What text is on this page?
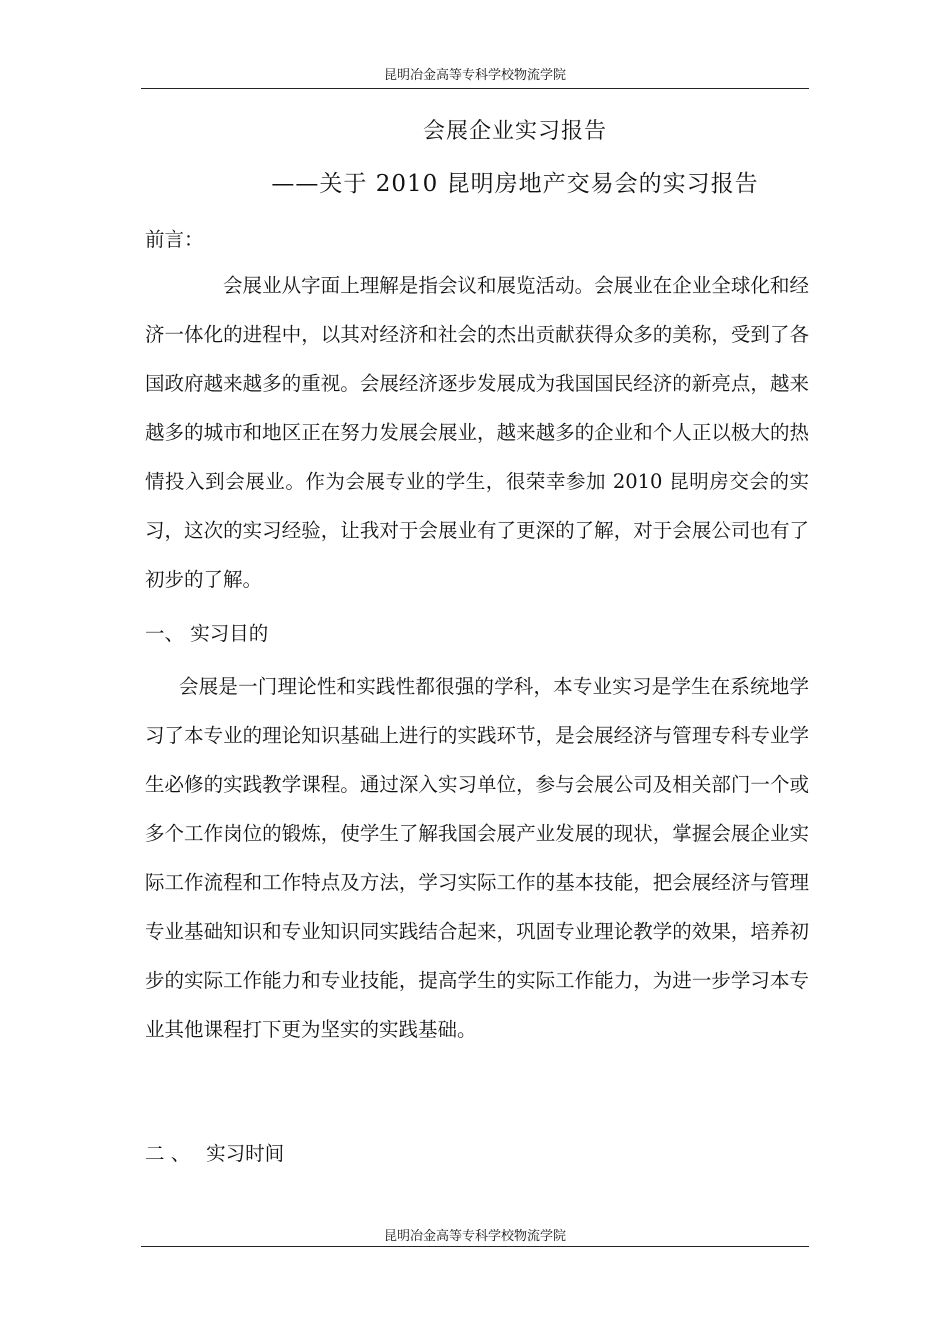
昆明冶金高等专科学校物流学院
会展企业实习报告
——关于 2010 昆明房地产交易会的实习报告
前言：

会展业从字面上理解是指会议和展览活动。会展业在企业全球化和经济一体化的进程中，以其对经济和社会的杰出贡献获得众多的美称，受到了各国政府越来越多的重视。会展经济逐步发展成为我国国民经济的新亮点，越来越多的城市和地区正在努力发展会展业，越来越多的企业和个人正以极大的热情投入到会展业。作为会展专业的学生，很荣幸参加 2010 昆明房交会的实习，这次的实习经验，让我对于会展业有了更深的了解，对于会展公司也有了初步的了解。

一、 实习目的

会展是一门理论性和实践性都很强的学科，本专业实习是学生在系统地学习了本专业的理论知识基础上进行的实践环节，是会展经济与管理专科专业学生必修的实践教学课程。通过深入实习单位，参与会展公司及相关部门一个或多个工作岗位的锻炼，使学生了解我国会展产业发展的现状，掌握会展企业实际工作流程和工作特点及方法，学习实际工作的基本技能，把会展经济与管理专业基础知识和专业知识同实践结合起来，巩固专业理论教学的效果，培养初步的实际工作能力和专业技能，提高学生的实际工作能力，为进一步学习本专业其他课程打下更为坚实的实践基础。

二 、　 实习时间
昆明冶金高等专科学校物流学院
